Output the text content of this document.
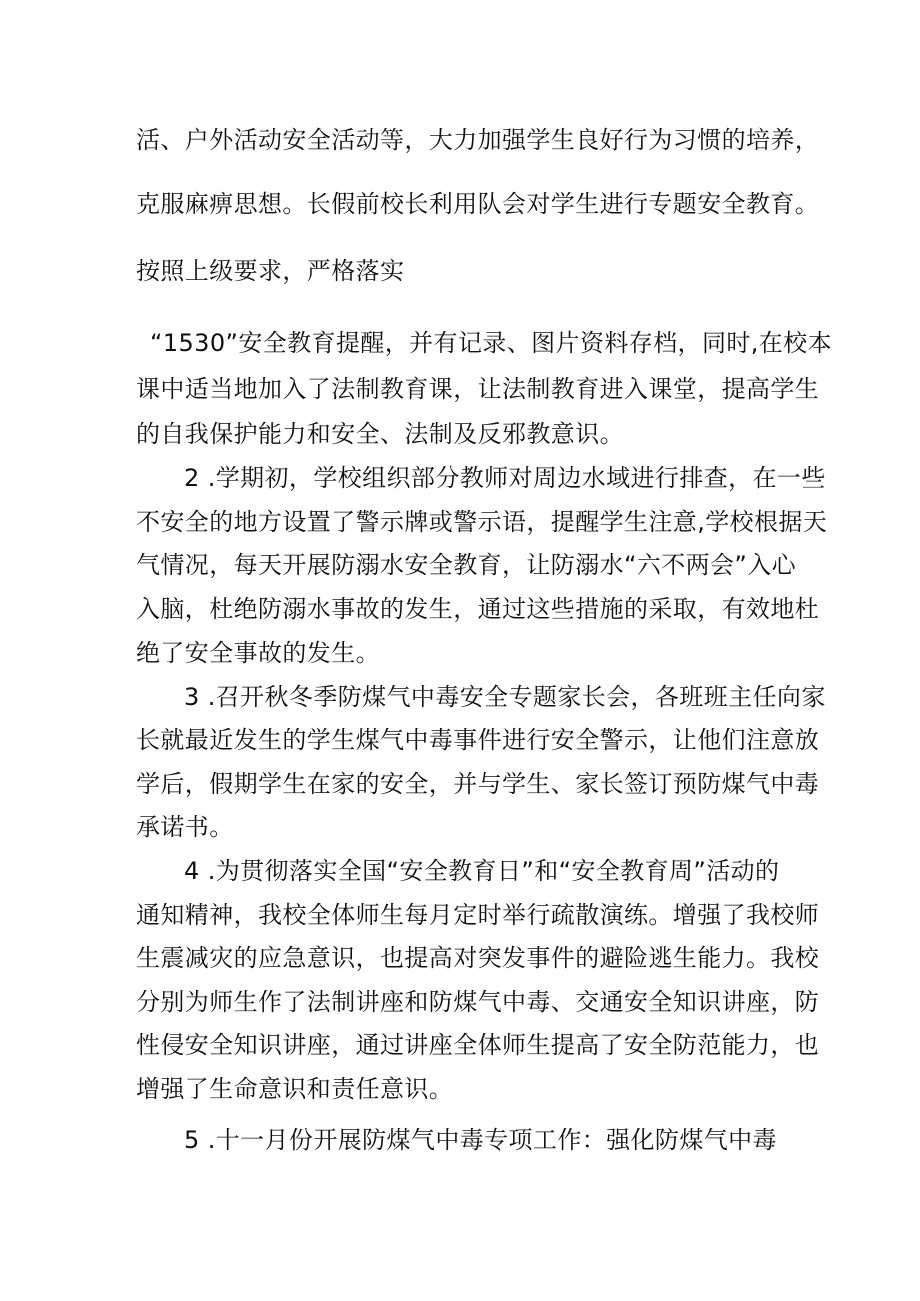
活、户外活动安全活动等，大力加强学生良好行为习惯的培养，
克服麻痹思想。长假前校长利用队会对学生进行专题安全教育。
按照上级要求，严格落实
“1530”安全教育提醒，并有记录、图片资料存档，同时,在校本
课中适当地加入了法制教育课，让法制教育进入课堂，提高学生
的自我保护能力和安全、法制及反邪教意识。
2 .学期初，学校组织部分教师对周边水域进行排查，在一些
不安全的地方设置了警示牌或警示语，提醒学生注意,学校根据天
气情况，每天开展防溺水安全教育，让防溺水“六不两会”入心
入脑，杜绝防溺水事故的发生，通过这些措施的采取，有效地杜
绝了安全事故的发生。
3 .召开秋冬季防煤气中毒安全专题家长会，各班班主任向家
长就最近发生的学生煤气中毒事件进行安全警示，让他们注意放
学后，假期学生在家的安全，并与学生、家长签订预防煤气中毒
承诺书。
4 .为贯彻落实全国“安全教育日”和“安全教育周”活动的
通知精神，我校全体师生每月定时举行疏散演练。增强了我校师
生震减灾的应急意识，也提高对突发事件的避险逃生能力。我校
分别为师生作了法制讲座和防煤气中毒、交通安全知识讲座，防
性侵安全知识讲座，通过讲座全体师生提高了安全防范能力，也
增强了生命意识和责任意识。
5 .十一月份开展防煤气中毒专项工作：强化防煤气中毒
